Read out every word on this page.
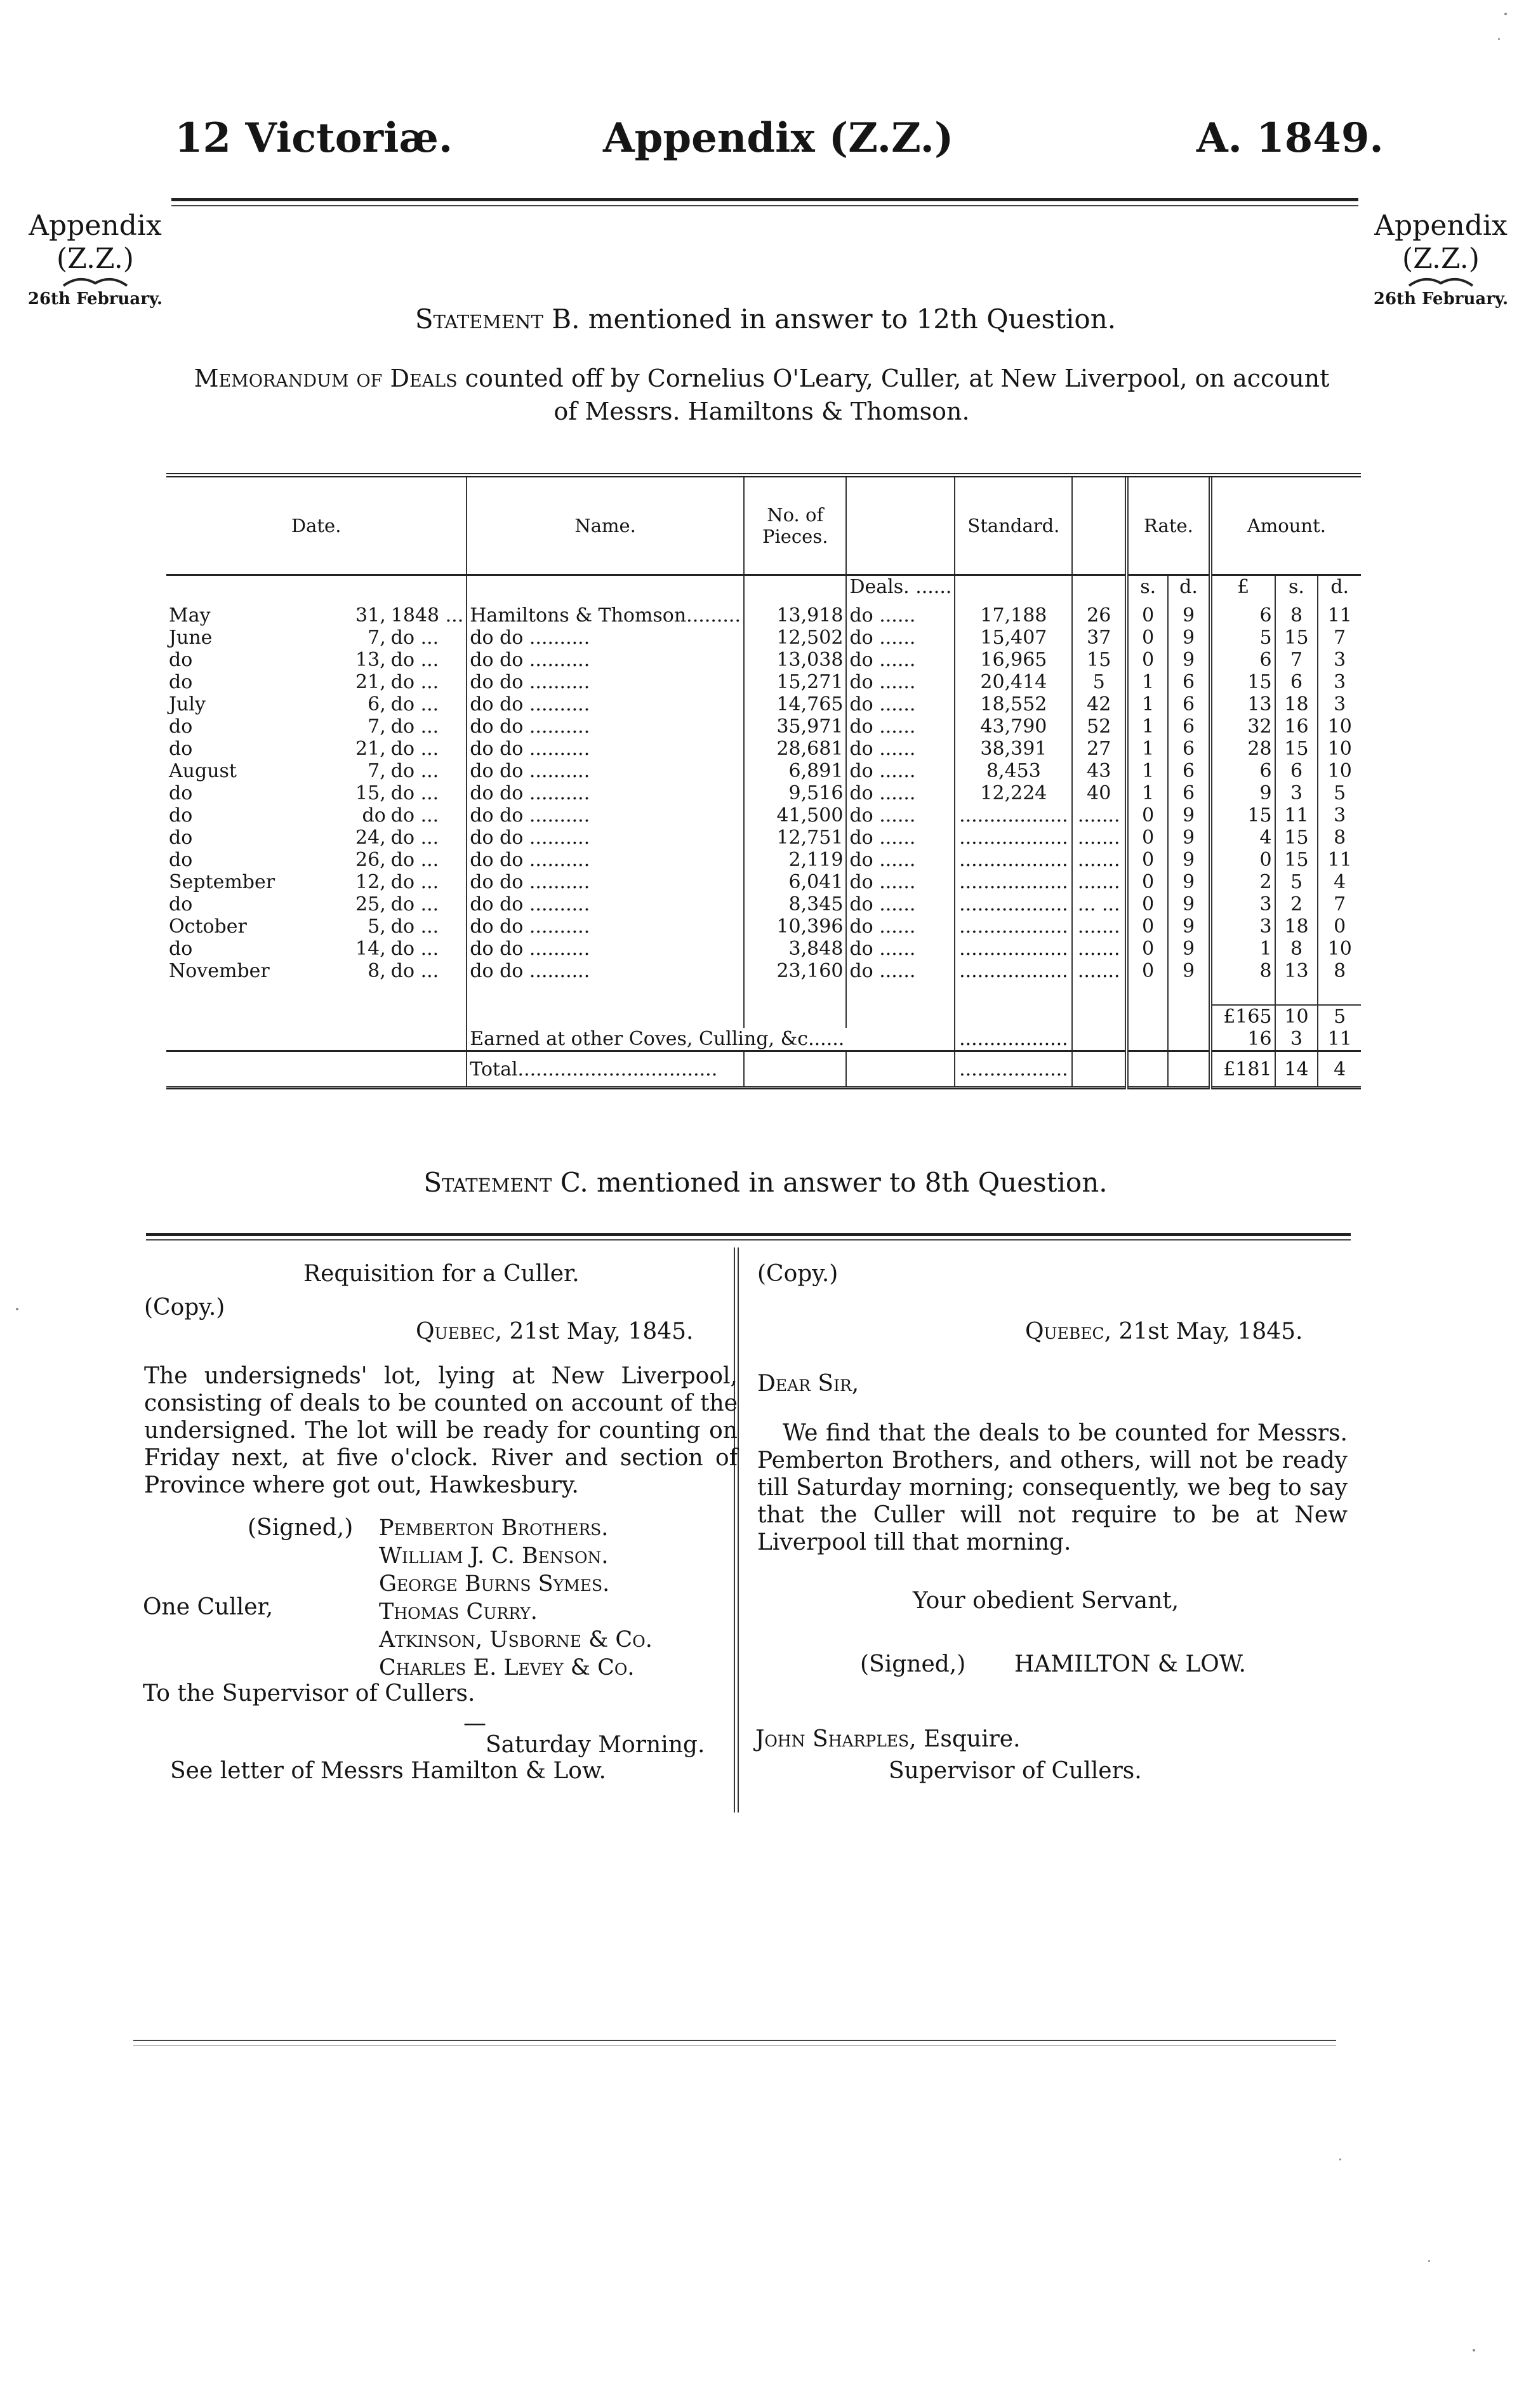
12 Victoriæ.	Appendix (Z.Z.)	A. 1849.
Appendix
(Z.Z.)
26th February.
Appendix
(Z.Z.)
26th February.
Statement B. mentioned in answer to 12th Question.
Memorandum of Deals counted off by Cornelius O'Leary, Culler, at New Liverpool, on account
of Messrs. Hamiltons & Thomson.
Date.			Name.	No. of Pieces.		Standard.		Rate.		Amount.		
					Deals. ......			s.	d.	£	s.	d.
May	31,	1848 ...	Hamiltons & Thomson.........	13,918	do ......	17,188	26	0	9	6	8	11
June	7,	do ...	do do ..........	12,502	do ......	15,407	37	0	9	5	15	7
do	13,	do ...	do do ..........	13,038	do ......	16,965	15	0	9	6	7	3
do	21,	do ...	do do ..........	15,271	do ......	20,414	5	1	6	15	6	3
July	6,	do ...	do do ..........	14,765	do ......	18,552	42	1	6	13	18	3
do	7,	do ...	do do ..........	35,971	do ......	43,790	52	1	6	32	16	10
do	21,	do ...	do do ..........	28,681	do ......	38,391	27	1	6	28	15	10
August	7,	do ...	do do ..........	6,891	do ......	8,453	43	1	6	6	6	10
do	15,	do ...	do do ..........	9,516	do ......	12,224	40	1	6	9	3	5
do	do	do ...	do do ..........	41,500	do ......	..................	.......	0	9	15	11	3
do	24,	do ...	do do ..........	12,751	do ......	..................	.......	0	9	4	15	8
do	26,	do ...	do do ..........	2,119	do ......	..................	.......	0	9	0	15	11
September	12,	do ...	do do ..........	6,041	do ......	..................	.......	0	9	2	5	4
do	25,	do ...	do do ..........	8,345	do ......	..................	... ...	0	9	3	2	7
October	5,	do ...	do do ..........	10,396	do ......	..................	.......	0	9	3	18	0
do	14,	do ...	do do ..........	3,848	do ......	..................	.......	0	9	1	8	10
November	8,	do ...	do do ..........	23,160	do ......	..................	.......	0	9	8	13	8

										£165	10	5
			Earned at other Coves, Culling, &c......			..................				16	3	11
			Total.................................			..................				£181	14	4
Statement C. mentioned in answer to 8th Question.
Requisition for a Culler.
(Copy.)
Quebec, 21st May, 1845.
The undersigneds' lot, lying at New Liverpool, consisting of deals to be counted on account of the undersigned. The lot will be ready for counting on Friday next, at five o'clock. River and section of Province where got out, Hawkesbury.
(Signed,)
One Culler,
Pemberton Brothers.
William J. C. Benson.
George Burns Symes.
Thomas Curry.
Atkinson, Usborne & Co.
Charles E. Levey & Co.
To the Supervisor of Cullers.
—
Saturday Morning.
See letter of Messrs Hamilton & Low.
(Copy.)
Quebec, 21st May, 1845.
Dear Sir,
We find that the deals to be counted for Messrs. Pemberton Brothers, and others, will not be ready till Saturday morning; consequently, we beg to say that the Culler will not require to be at New Liverpool till that morning.
Your obedient Servant,
(Signed,) HAMILTON & LOW.
John Sharples, Esquire.
Supervisor of Cullers.
